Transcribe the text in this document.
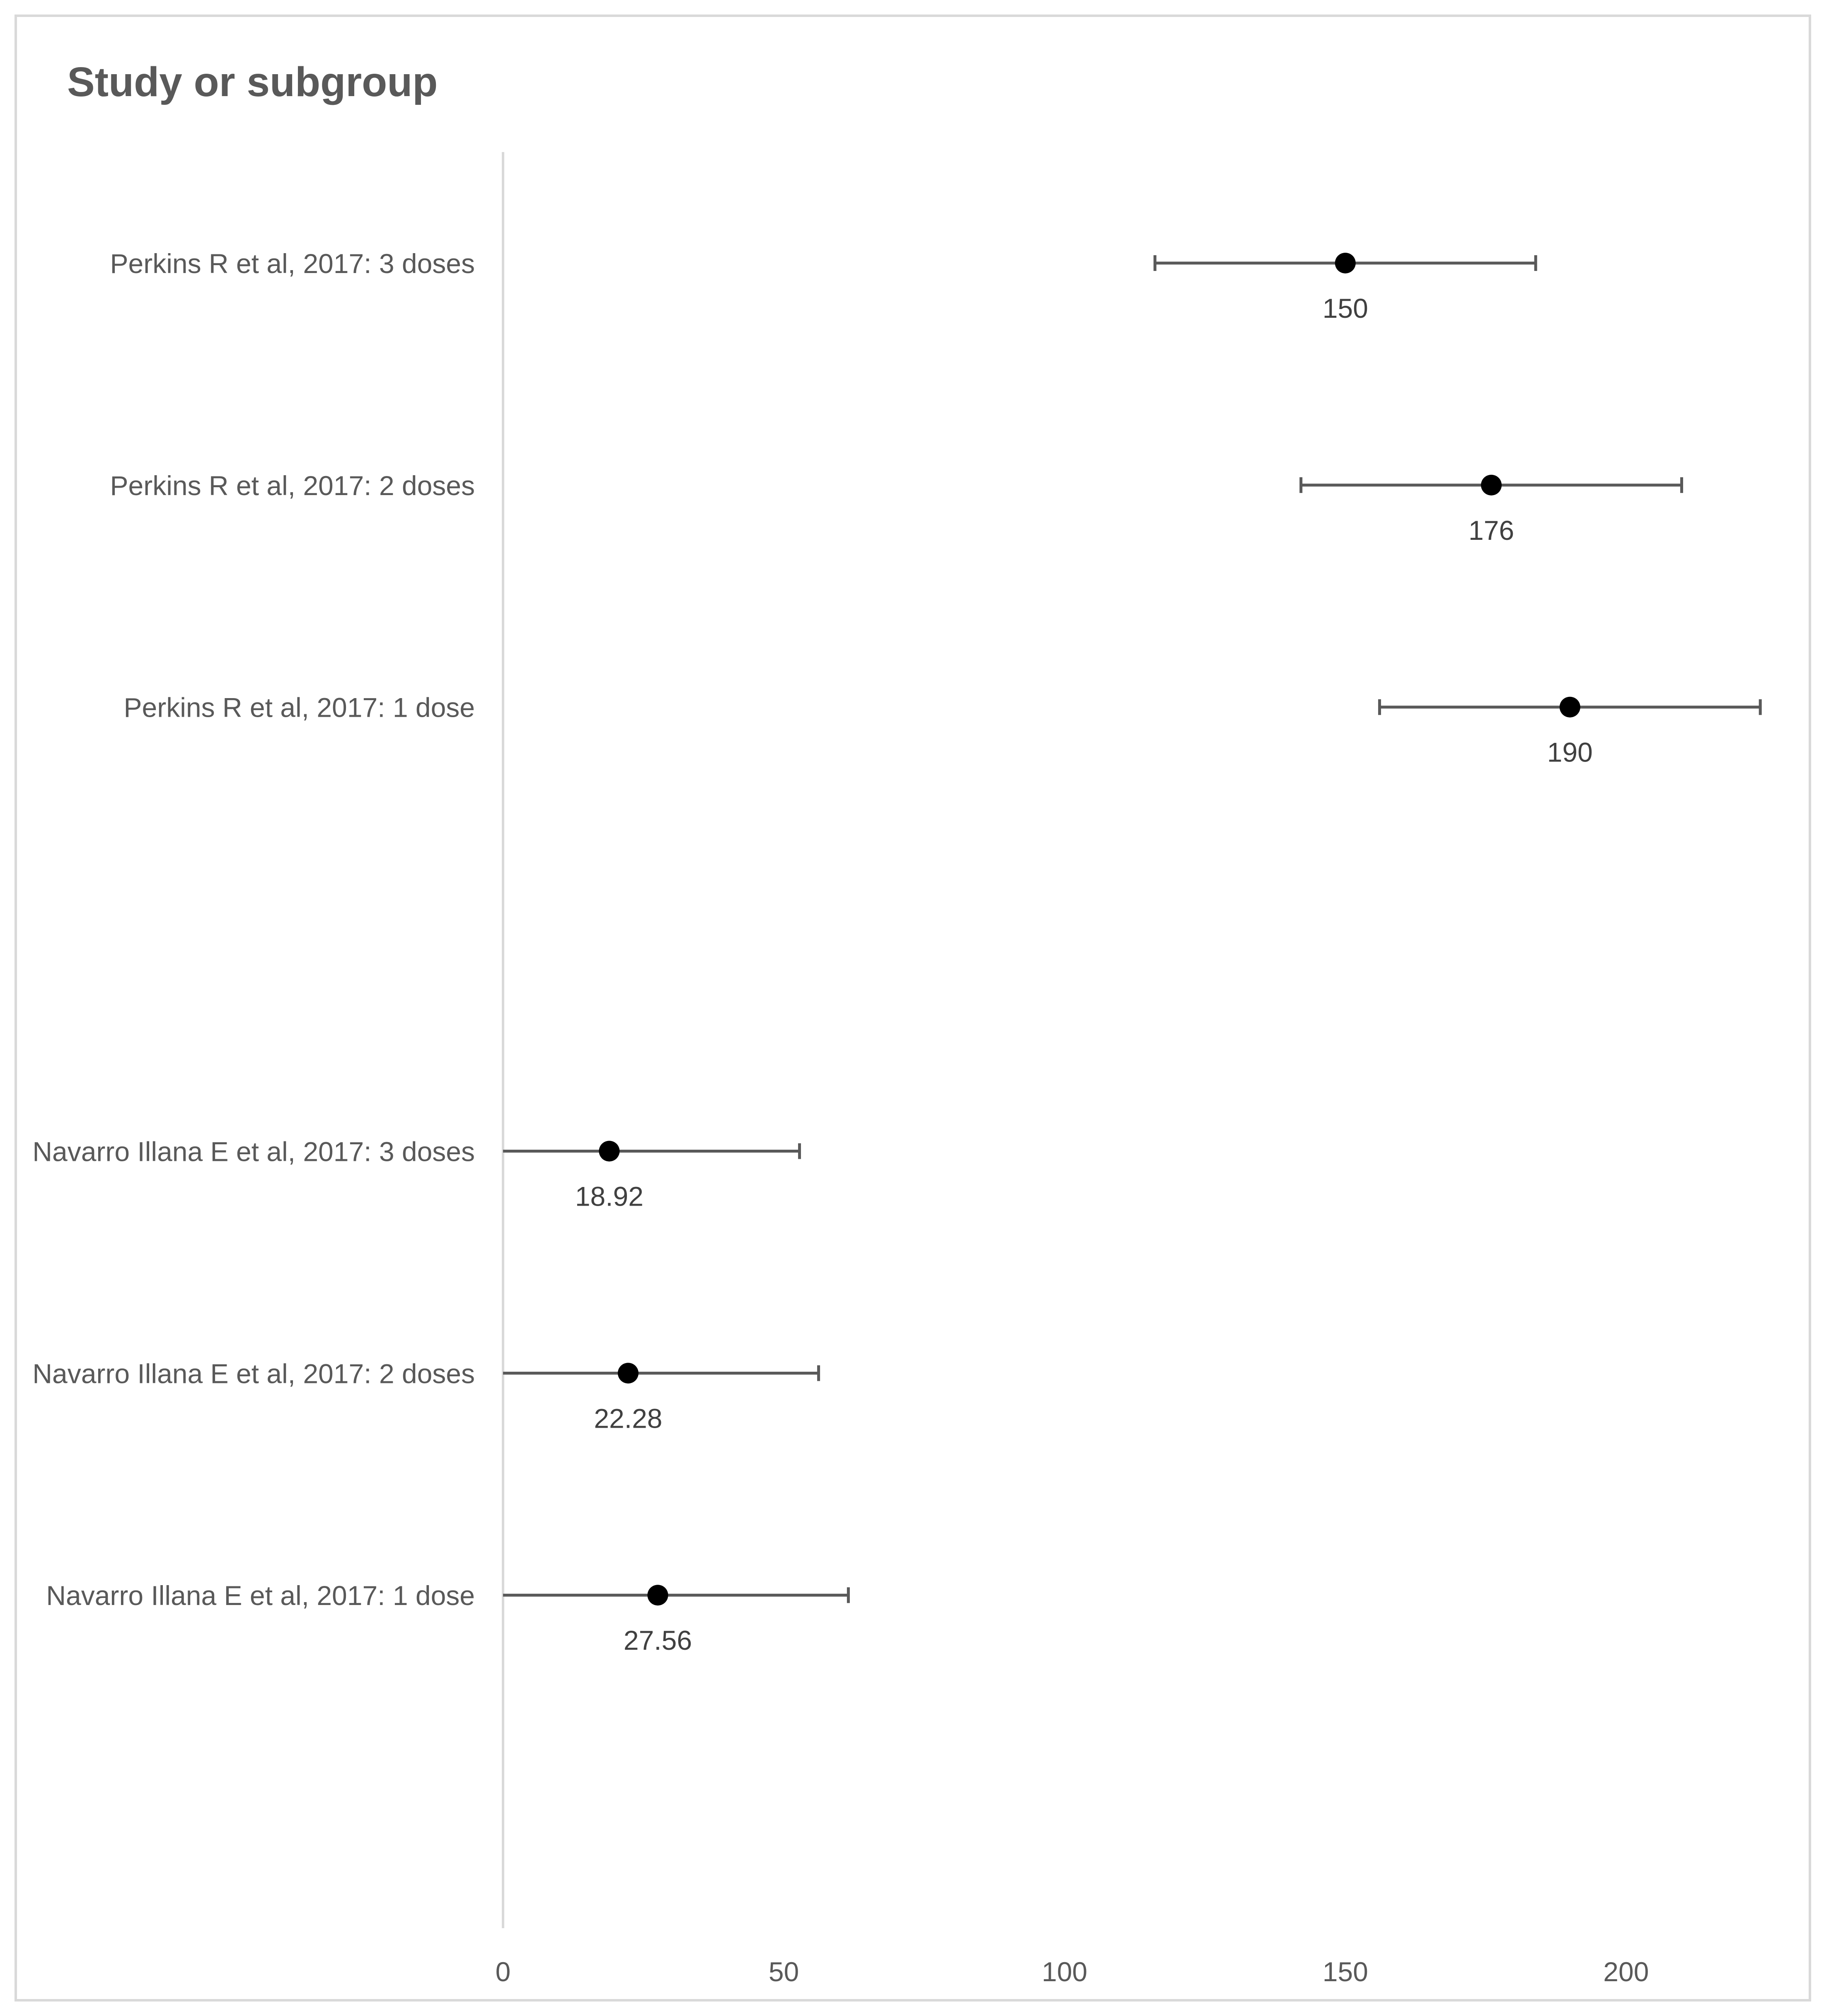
Study or subgroup
0	50	100	150	200
Perkins R et al, 2017: 3 doses
150
Perkins R et al, 2017: 2 doses
176
Perkins R et al, 2017: 1 dose
190
Navarro Illana E et al, 2017: 3 doses
18.92
Navarro Illana E et al, 2017: 2 doses
22.28
Navarro Illana E et al, 2017: 1 dose
27.56
